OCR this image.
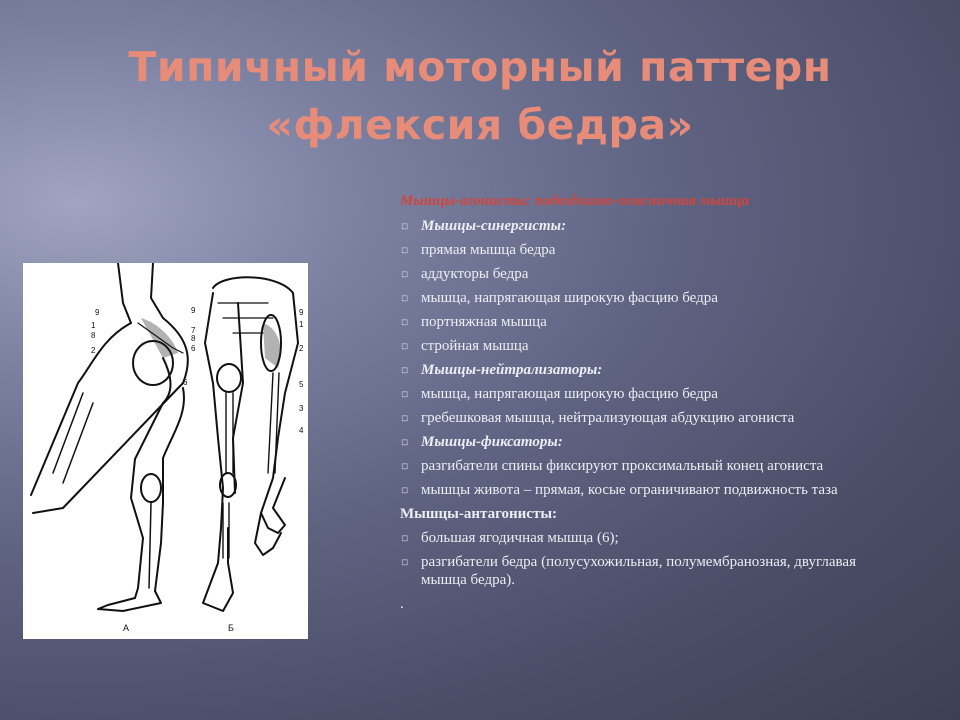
Типичный моторный паттерн
«флексия бедра»
9
1
8
2
6
9
7
8
6
9
1
2
5
3
4
А	Б
Мышцы-агонисты: подвздошно-поясничная мышца
◽ Мышцы-синергисты:
◽ прямая мышца бедра
◽ аддукторы бедра
◽ мышца, напрягающая широкую фасцию бедра
◽ портняжная мышца
◽ стройная мышца
◽ Мышцы-нейтрализаторы:
◽ мышца, напрягающая широкую фасцию бедра
◽ гребешковая мышца, нейтрализующая абдукцию агониста
◽ Мышцы-фиксаторы:
◽ разгибатели спины фиксируют проксимальный конец агониста
◽ мышцы живота – прямая, косые ограничивают подвижность таза
Мышцы-антагонисты:
◽ большая ягодичная мышца (6);
◽ разгибатели бедра (полусухожильная, полумембранозная, двуглавая мышца бедра).
.
